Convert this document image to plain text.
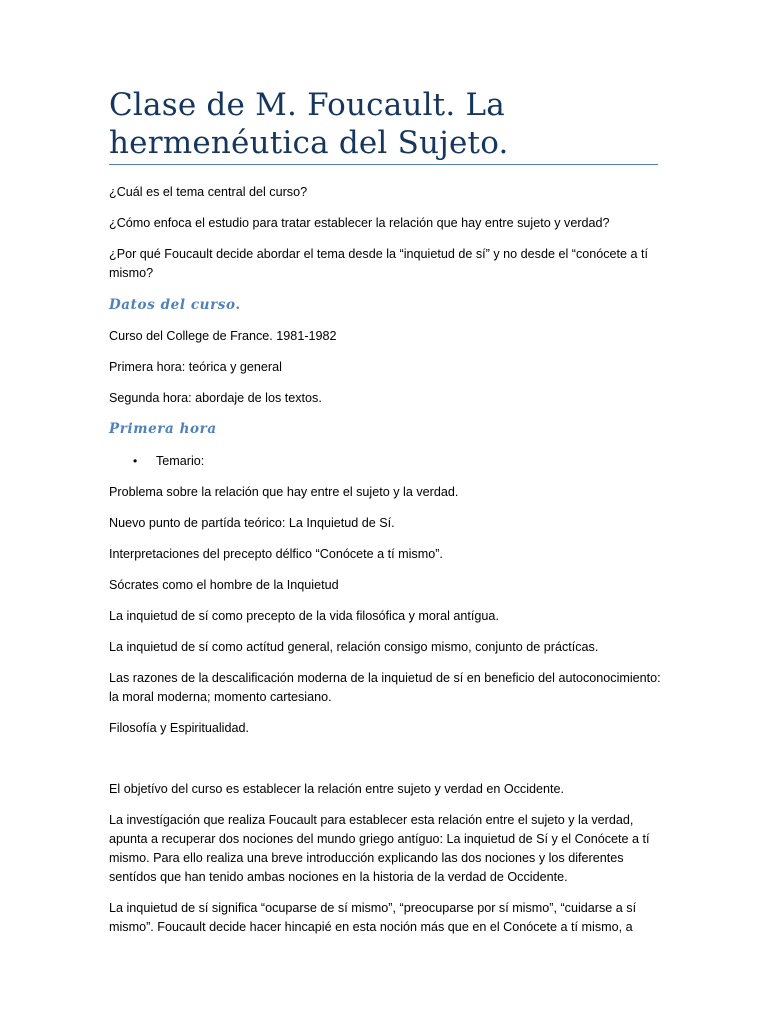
Clase de M. Foucault. La hermenéutica del Sujeto.

¿Cuál es el tema central del curso?

¿Cómo enfoca el estudio para tratar establecer la relación que hay entre sujeto y verdad?

¿Por qué Foucault decide abordar el tema desde la “inquietud de sí” y no desde el “conócete a tí mismo?

Datos del curso.

Curso del College de France. 1981-1982

Primera hora: teórica y general

Segunda hora: abordaje de los textos.

Primera hora
• Temario:

Problema sobre la relación que hay entre el sujeto y la verdad.

Nuevo punto de partída teórico: La Inquietud de Sí.

Interpretaciones del precepto délfico “Conócete a tí mismo”.

Sócrates como el hombre de la Inquietud

La inquietud de sí como precepto de la vida filosófica y moral antígua.

La inquietud de sí como actítud general, relación consigo mismo, conjunto de práctícas.

Las razones de la descalificación moderna de la inquietud de sí en beneficio del autoconocimiento: la moral moderna; momento cartesiano.

Filosofía y Espiritualidad.

El objetívo del curso es establecer la relación entre sujeto y verdad en Occidente.

La investígación que realiza Foucault para establecer esta relación entre el sujeto y la verdad, apunta a recuperar dos nociones del mundo griego antíguo: La inquietud de Sí y el Conócete a tí mismo. Para ello realiza una breve introducción explicando las dos nociones y los diferentes sentídos que han tenido ambas nociones en la historia de la verdad de Occidente.

La inquietud de sí significa “ocuparse de sí mismo”, “preocuparse por sí mismo”, “cuidarse a sí mismo”. Foucault decide hacer hincapié en esta noción más que en el Conócete a tí mismo, a
